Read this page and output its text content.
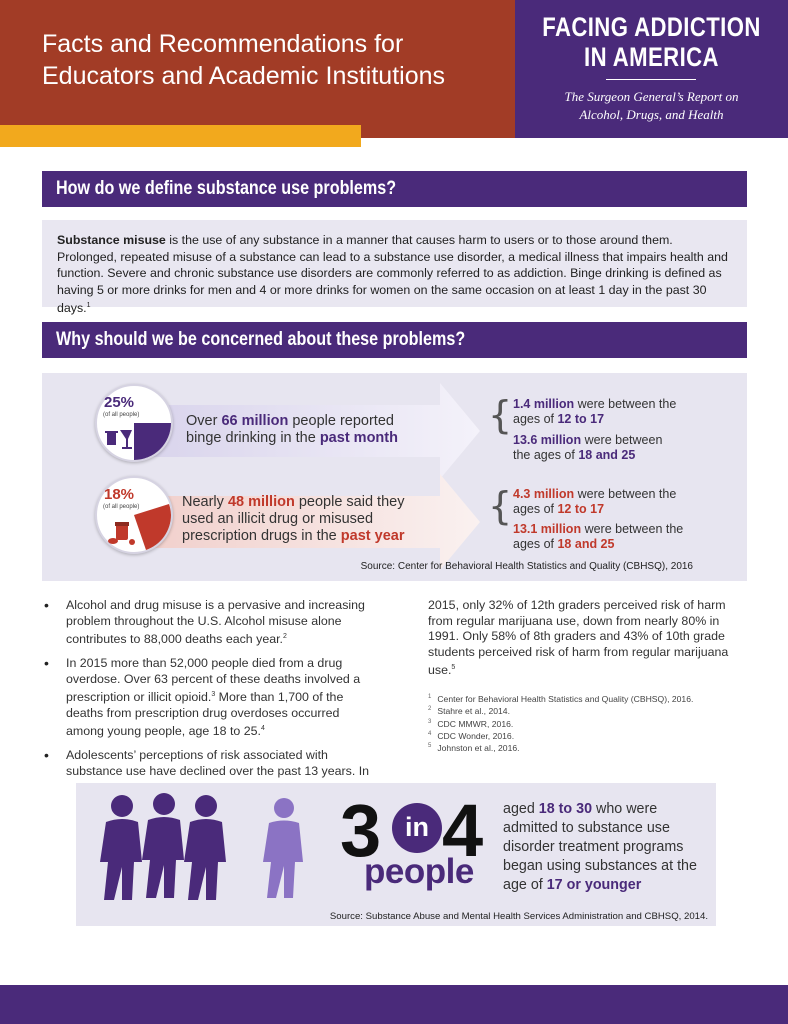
Facts and Recommendations for
Educators and Academic Institutions
FACING ADDICTION
IN AMERICA
The Surgeon General’s Report on
Alcohol, Drugs, and Health
How do we define substance use problems?
Substance misuse is the use of any substance in a manner that causes harm to users or to those around them. Prolonged, repeated misuse of a substance can lead to a substance use disorder, a medical illness that impairs health and function. Severe and chronic substance use disorders are commonly referred to as addiction. Binge drinking is defined as having 5 or more drinks for men and 4 or more drinks for women on the same occasion on at least 1 day in the past 30 days.$^1$
Why should we be concerned about these problems?
25%
(of all people)	Over 66 million people reported binge drinking in the past month
{ 1.4 million were between the ages of 12 to 17
13.6 million were between the ages of 18 and 25
18%
(of all people)	Nearly 48 million people said they used an illicit drug or misused prescription drugs in the past year
{ 4.3 million were between the ages of 12 to 17
13.1 million were between the ages of 18 and 25
Source: Center for Behavioral Health Statistics and Quality (CBHSQ), 2016
• Alcohol and drug misuse is a pervasive and increasing problem throughout the U.S. Alcohol misuse alone contributes to 88,000 deaths each year.$^2$
• In 2015 more than 52,000 people died from a drug overdose. Over 63 percent of these deaths involved a prescription or illicit opioid.$^3$ More than 1,700 of the deaths from prescription drug overdoses occurred among young people, age 18 to 25.$^4$
• Adolescents’ perceptions of risk associated with substance use have declined over the past 13 years. In
2015, only 32% of 12th graders perceived risk of harm from regular marijuana use, down from nearly 80% in 1991. Only 58% of 8th graders and 43% of 10th grade students perceived risk of harm from regular marijuana use.$^5$
$^1$ Center for Behavioral Health Statistics and Quality (CBHSQ), 2016.
$^2$ Stahre et al., 2014.
$^3$ CDC MMWR, 2016.
$^4$ CDC Wonder, 2016.
$^5$ Johnston et al., 2016.
3 in 4
people
aged 18 to 30 who were admitted to substance use disorder treatment programs began using substances at the age of 17 or younger
Source: Substance Abuse and Mental Health Services Administration and CBHSQ, 2014.
